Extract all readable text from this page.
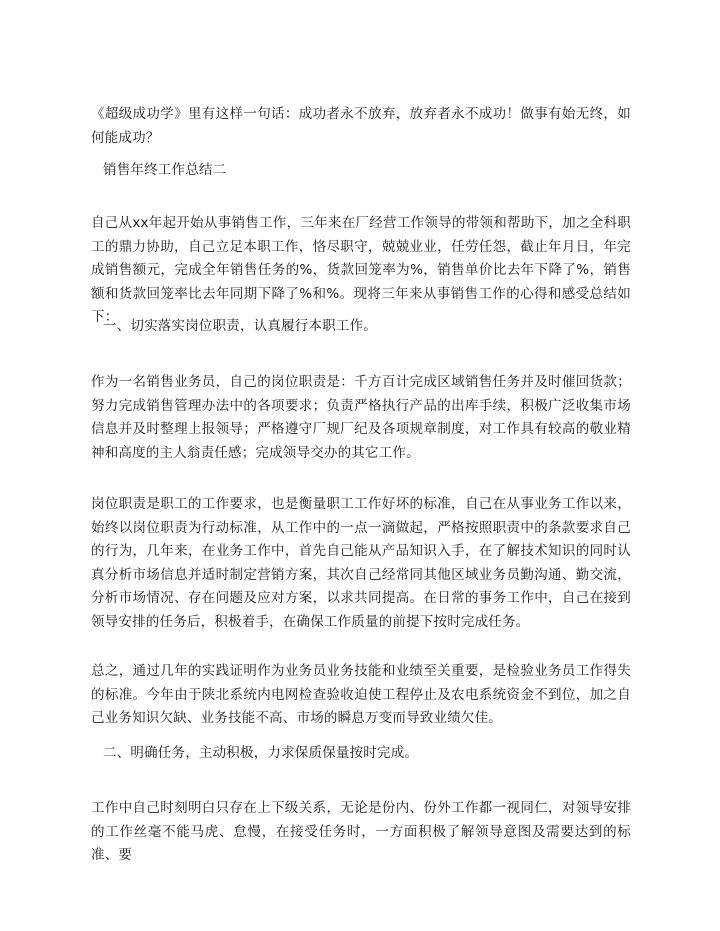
《超级成功学》里有这样一句话：成功者永不放弃，放弃者永不成功！做事有始无终，如何能成功？

销售年终工作总结二

自己从xx年起开始从事销售工作，三年来在厂经营工作领导的带领和帮助下，加之全科职工的鼎力协助，自己立足本职工作，恪尽职守，兢兢业业，任劳任怨，截止年月日，年完成销售额元，完成全年销售任务的%，货款回笼率为%，销售单价比去年下降了%，销售额和货款回笼率比去年同期下降了%和%。现将三年来从事销售工作的心得和感受总结如下：

一、切实落实岗位职责，认真履行本职工作。

作为一名销售业务员，自己的岗位职责是：千方百计完成区域销售任务并及时催回货款；努力完成销售管理办法中的各项要求；负责严格执行产品的出库手续，积极广泛收集市场信息并及时整理上报领导；严格遵守厂规厂纪及各项规章制度，对工作具有较高的敬业精神和高度的主人翁责任感；完成领导交办的其它工作。

岗位职责是职工的工作要求，也是衡量职工工作好坏的标准，自己在从事业务工作以来，始终以岗位职责为行动标准，从工作中的一点一滴做起，严格按照职责中的条款要求自己的行为，几年来，在业务工作中，首先自己能从产品知识入手，在了解技术知识的同时认真分析市场信息并适时制定营销方案，其次自己经常同其他区域业务员勤沟通、勤交流，分析市场情况、存在问题及应对方案，以求共同提高。在日常的事务工作中，自己在接到领导安排的任务后，积极着手，在确保工作质量的前提下按时完成任务。

总之，通过几年的实践证明作为业务员业务技能和业绩至关重要，是检验业务员工作得失的标准。今年由于陕北系统内电网检查验收迫使工程停止及农电系统资金不到位，加之自己业务知识欠缺、业务技能不高、市场的瞬息万变而导致业绩欠佳。

二、明确任务，主动积极，力求保质保量按时完成。

工作中自己时刻明白只存在上下级关系，无论是份内、份外工作都一视同仁，对领导安排的工作丝毫不能马虎、怠慢，在接受任务时，一方面积极了解领导意图及需要达到的标准、要
